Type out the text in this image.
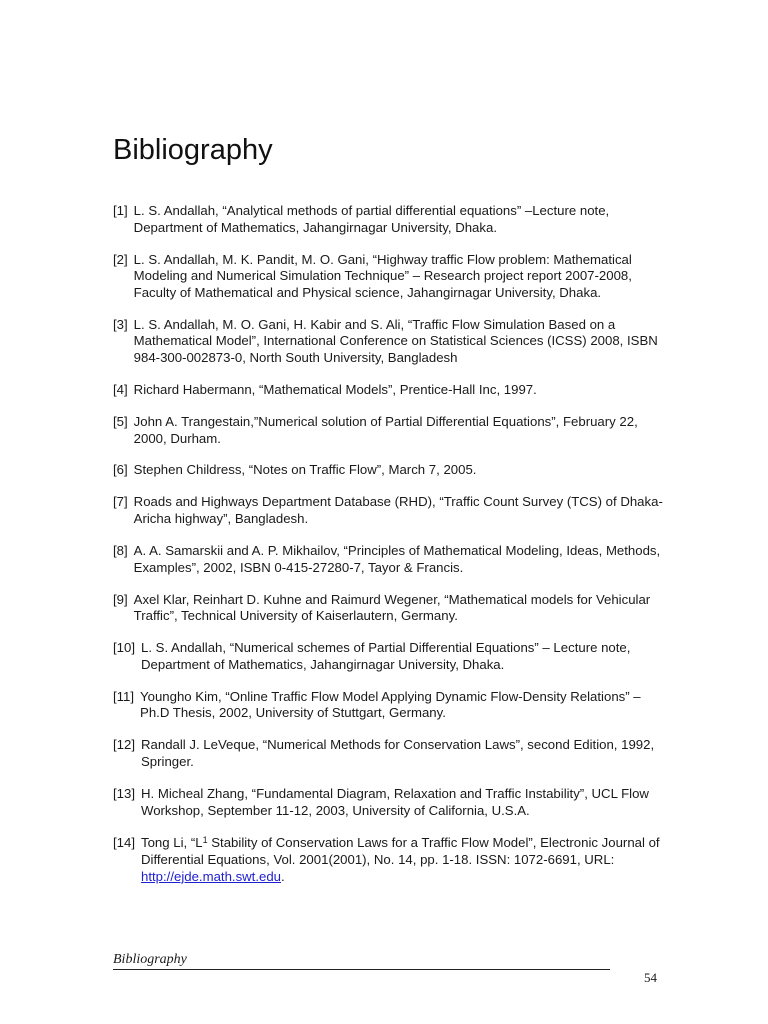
Bibliography
[1] L. S. Andallah, “Analytical methods of partial differential equations” –Lecture note, Department of Mathematics, Jahangirnagar University, Dhaka.
[2] L. S. Andallah, M. K. Pandit, M. O. Gani, “Highway traffic Flow problem: Mathematical Modeling and Numerical Simulation Technique” – Research project report 2007-2008, Faculty of Mathematical and Physical science, Jahangirnagar University, Dhaka.
[3] L. S. Andallah, M. O. Gani, H. Kabir and S. Ali, “Traffic Flow Simulation Based on a Mathematical Model”, International Conference on Statistical Sciences (ICSS) 2008, ISBN 984-300-002873-0, North South University, Bangladesh
[4] Richard Habermann, “Mathematical Models”, Prentice-Hall Inc, 1997.
[5] John A. Trangestain,”Numerical solution of Partial Differential Equations”, February 22, 2000, Durham.
[6] Stephen Childress, “Notes on Traffic Flow”, March 7, 2005.
[7] Roads and Highways Department Database (RHD), “Traffic Count Survey (TCS) of Dhaka-Aricha highway”, Bangladesh.
[8] A. A. Samarskii and A. P. Mikhailov, “Principles of Mathematical Modeling, Ideas, Methods, Examples”, 2002, ISBN 0-415-27280-7, Tayor & Francis.
[9] Axel Klar, Reinhart D. Kuhne and Raimurd Wegener, “Mathematical models for Vehicular Traffic”, Technical University of Kaiserlautern, Germany.
[10] L. S. Andallah, “Numerical schemes of Partial Differential Equations” – Lecture note, Department of Mathematics, Jahangirnagar University, Dhaka.
[11] Youngho Kim, “Online Traffic Flow Model Applying Dynamic Flow-Density Relations” – Ph.D Thesis, 2002, University of Stuttgart, Germany.
[12] Randall J. LeVeque, “Numerical Methods for Conservation Laws”, second Edition, 1992, Springer.
[13] H. Micheal Zhang, “Fundamental Diagram, Relaxation and Traffic Instability”, UCL Flow Workshop, September 11-12, 2003, University of California, U.S.A.
[14] Tong Li, “$L^1$ Stability of Conservation Laws for a Traffic Flow Model”, Electronic Journal of Differential Equations, Vol. 2001(2001), No. 14, pp. 1-18. ISSN: 1072-6691, URL: http://ejde.math.swt.edu.
Bibliography
54
